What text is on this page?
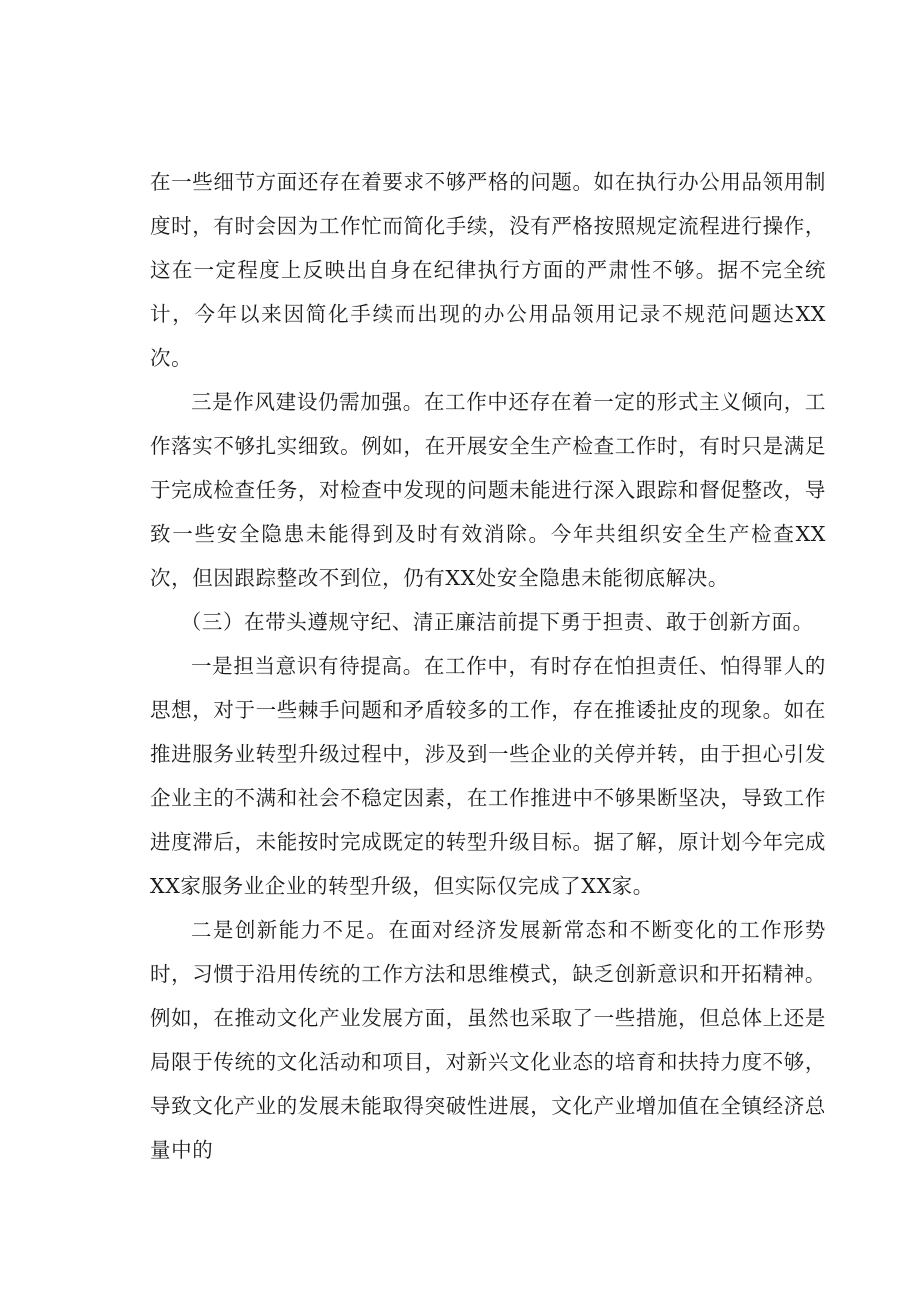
在一些细节方面还存在着要求不够严格的问题。如在执行办公用品领用制度时，有时会因为工作忙而简化手续，没有严格按照规定流程进行操作，这在一定程度上反映出自身在纪律执行方面的严肃性不够。据不完全统计，今年以来因简化手续而出现的办公用品领用记录不规范问题达XX次。

三是作风建设仍需加强。在工作中还存在着一定的形式主义倾向，工作落实不够扎实细致。例如，在开展安全生产检查工作时，有时只是满足于完成检查任务，对检查中发现的问题未能进行深入跟踪和督促整改，导致一些安全隐患未能得到及时有效消除。今年共组织安全生产检查XX次，但因跟踪整改不到位，仍有XX处安全隐患未能彻底解决。

（三）在带头遵规守纪、清正廉洁前提下勇于担责、敢于创新方面。

一是担当意识有待提高。在工作中，有时存在怕担责任、怕得罪人的思想，对于一些棘手问题和矛盾较多的工作，存在推诿扯皮的现象。如在推进服务业转型升级过程中，涉及到一些企业的关停并转，由于担心引发企业主的不满和社会不稳定因素，在工作推进中不够果断坚决，导致工作进度滞后，未能按时完成既定的转型升级目标。据了解，原计划今年完成XX家服务业企业的转型升级，但实际仅完成了XX家。

二是创新能力不足。在面对经济发展新常态和不断变化的工作形势时，习惯于沿用传统的工作方法和思维模式，缺乏创新意识和开拓精神。例如，在推动文化产业发展方面，虽然也采取了一些措施，但总体上还是局限于传统的文化活动和项目，对新兴文化业态的培育和扶持力度不够，导致文化产业的发展未能取得突破性进展，文化产业增加值在全镇经济总量中的
